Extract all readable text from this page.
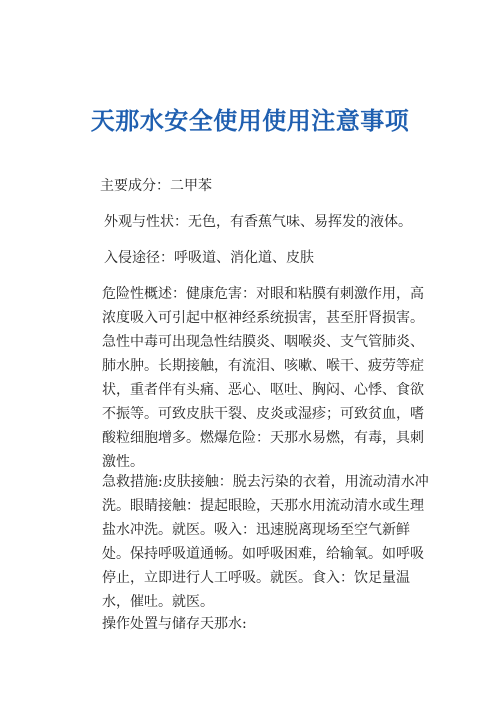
天那水安全使用使用注意事项
主要成分：二甲苯
外观与性状：无色，有香蕉气味、易挥发的液体。
入侵途径：呼吸道、消化道、皮肤
危险性概述：健康危害：对眼和粘膜有刺激作用，高浓度吸入可引起中枢神经系统损害，甚至肝肾损害。急性中毒可出现急性结膜炎、咽喉炎、支气管肺炎、肺水肿。长期接触，有流泪、咳嗽、喉干、疲劳等症状，重者伴有头痛、恶心、呕吐、胸闷、心悸、食欲不振等。可致皮肤干裂、皮炎或湿疹；可致贫血，嗜酸粒细胞增多。燃爆危险：天那水易燃，有毒，具刺激性。
急救措施:皮肤接触：脱去污染的衣着，用流动清水冲洗。眼睛接触：提起眼睑，天那水用流动清水或生理盐水冲洗。就医。吸入：迅速脱离现场至空气新鲜处。保持呼吸道通畅。如呼吸困难，给输氧。如呼吸停止，立即进行人工呼吸。就医。食入：饮足量温水，催吐。就医。
操作处置与储存天那水:
